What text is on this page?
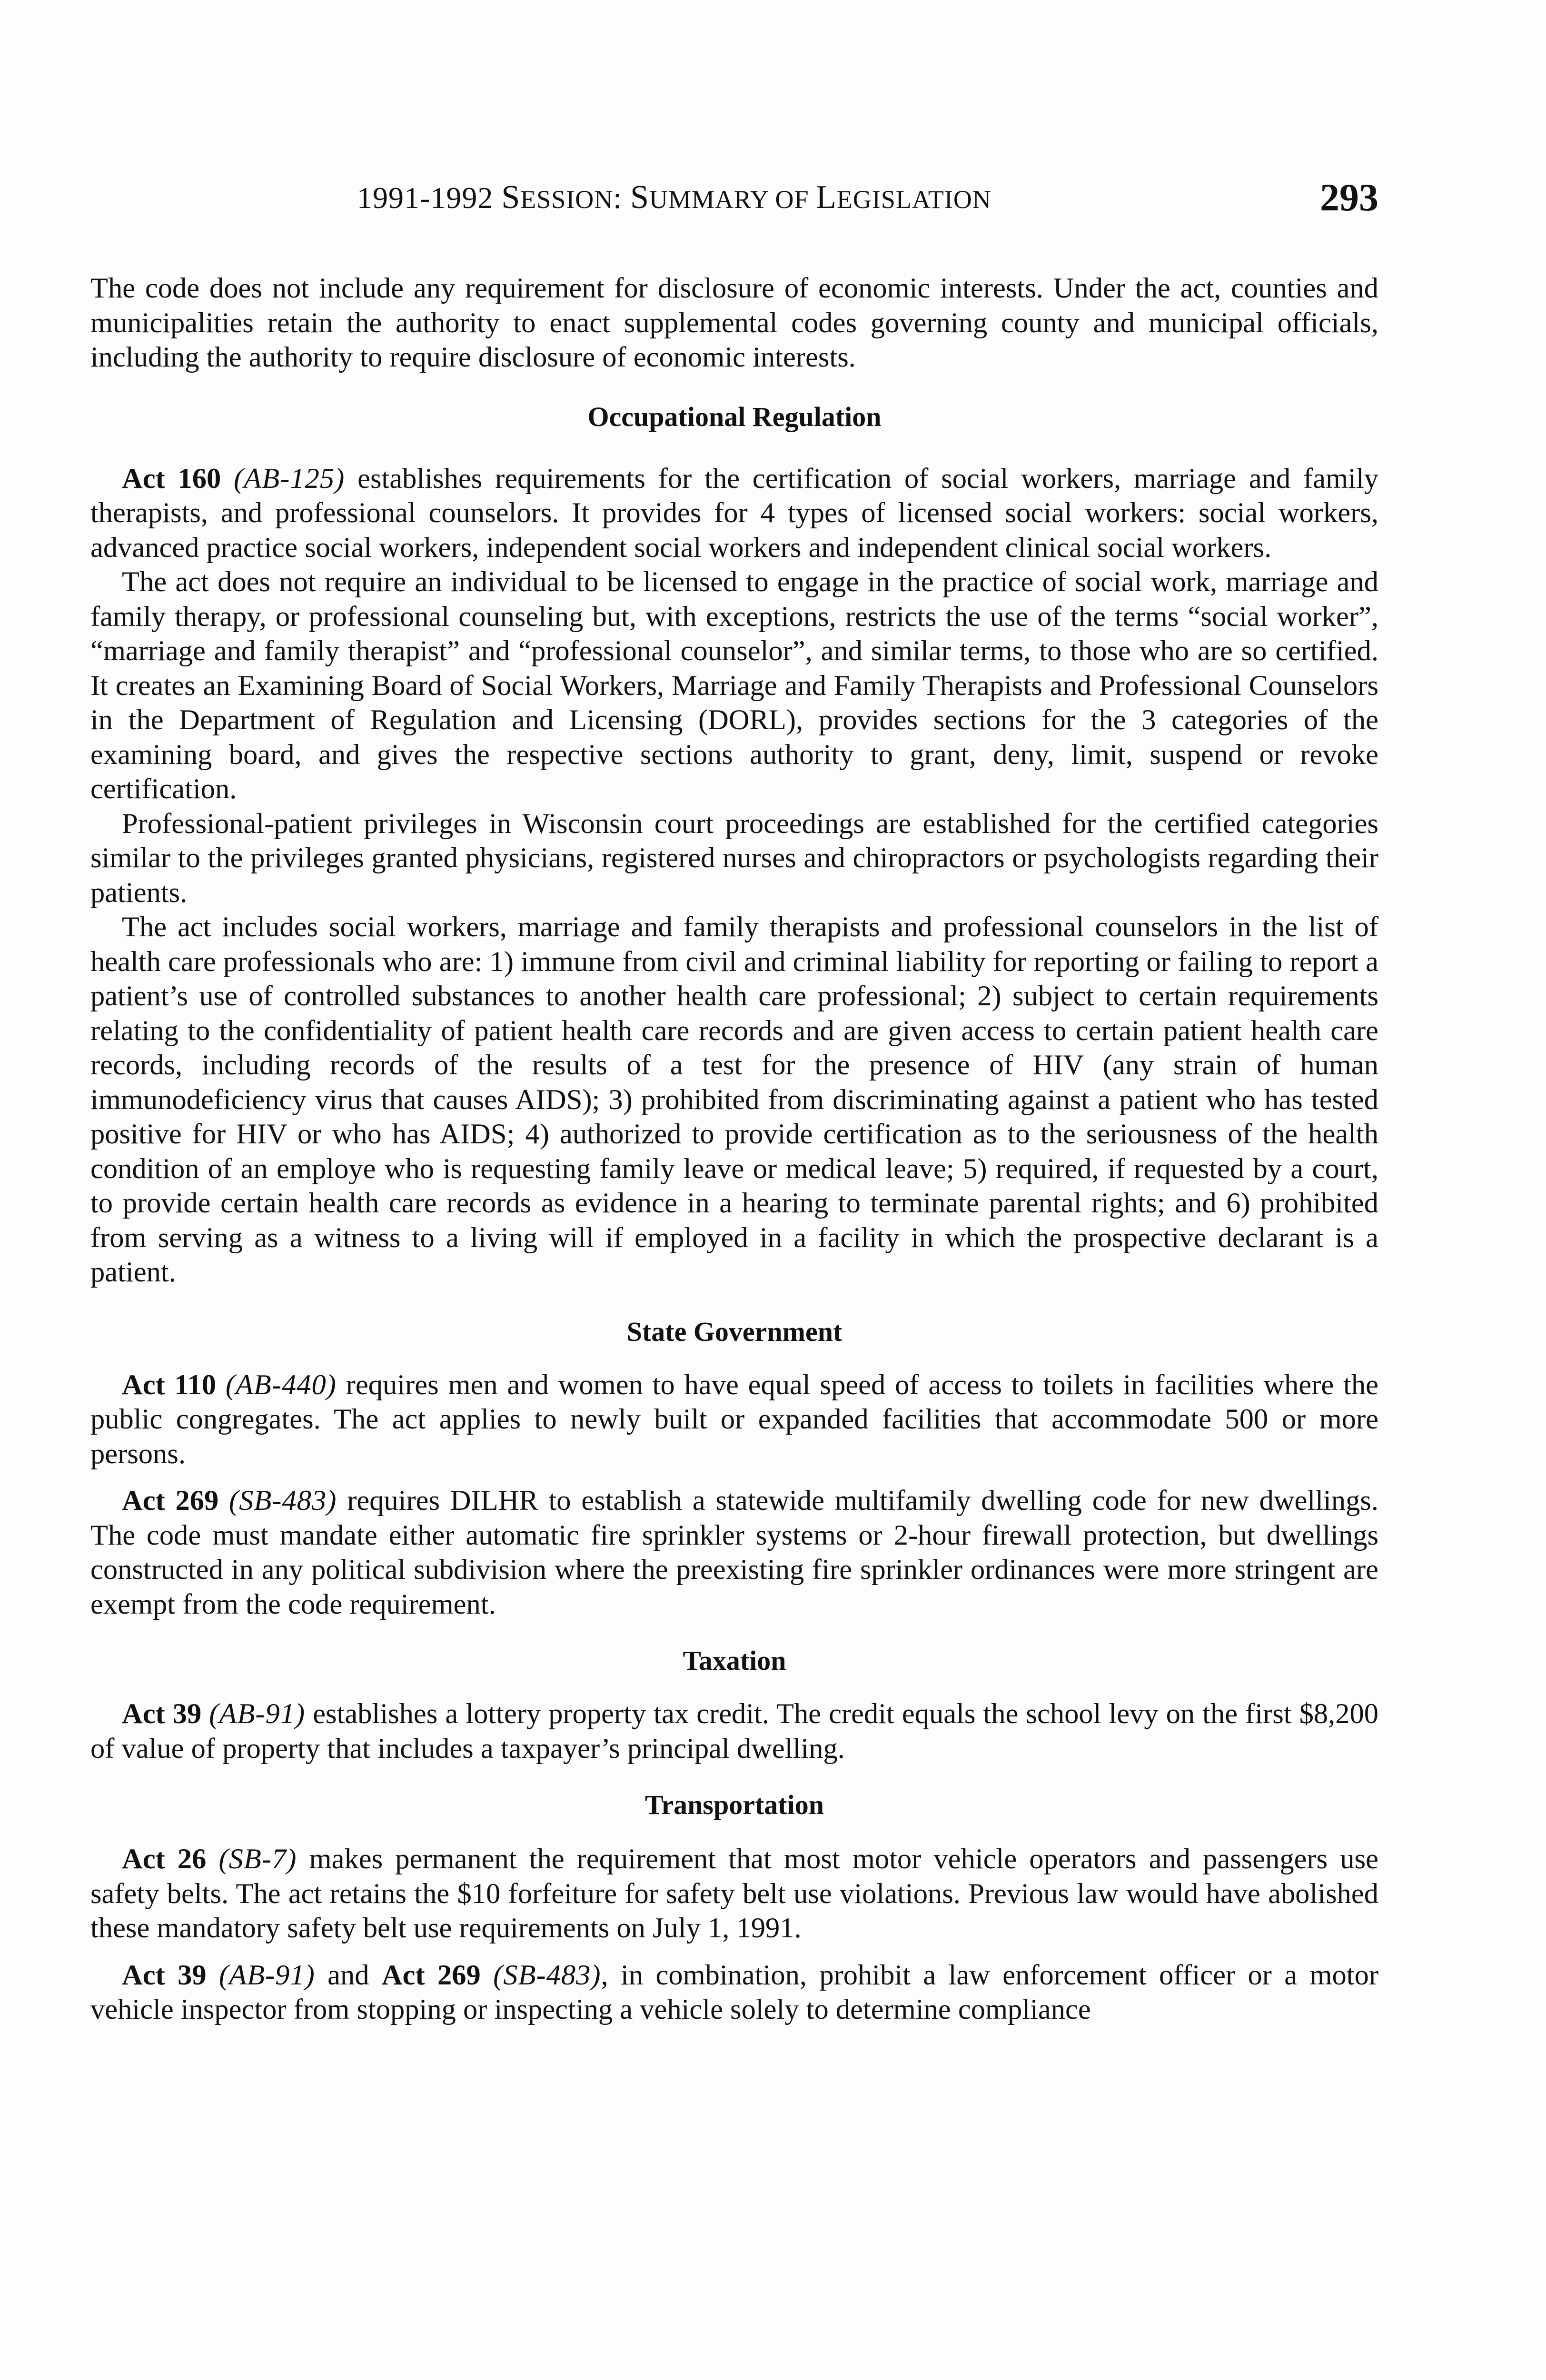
1991-1992 SESSION: SUMMARY OF LEGISLATION	293

The code does not include any requirement for disclosure of economic interests. Under the act, counties and municipalities retain the authority to enact supplemental codes governing county and municipal officials, including the authority to require disclosure of economic interests.

Occupational Regulation

Act 160 (AB-125) establishes requirements for the certification of social workers, marriage and family therapists, and professional counselors. It provides for 4 types of licensed social workers: social workers, advanced practice social workers, independent social workers and independent clinical social workers.

The act does not require an individual to be licensed to engage in the practice of social work, marriage and family therapy, or professional counseling but, with exceptions, restricts the use of the terms “social worker”, “marriage and family therapist” and “professional counselor”, and similar terms, to those who are so certified. It creates an Examining Board of Social Workers, Marriage and Family Therapists and Professional Counselors in the Department of Regulation and Licensing (DORL), provides sections for the 3 categories of the examining board, and gives the respective sections authority to grant, deny, limit, suspend or revoke certification.

Professional-patient privileges in Wisconsin court proceedings are established for the certified categories similar to the privileges granted physicians, registered nurses and chiropractors or psychologists regarding their patients.

The act includes social workers, marriage and family therapists and professional counselors in the list of health care professionals who are: 1) immune from civil and criminal liability for reporting or failing to report a patient’s use of controlled substances to another health care professional; 2) subject to certain requirements relating to the confidentiality of patient health care records and are given access to certain patient health care records, including records of the results of a test for the presence of HIV (any strain of human immunodeficiency virus that causes AIDS); 3) prohibited from discriminating against a patient who has tested positive for HIV or who has AIDS; 4) authorized to provide certification as to the seriousness of the health condition of an employe who is requesting family leave or medical leave; 5) required, if requested by a court, to provide certain health care records as evidence in a hearing to terminate parental rights; and 6) prohibited from serving as a witness to a living will if employed in a facility in which the prospective declarant is a patient.

State Government

Act 110 (AB-440) requires men and women to have equal speed of access to toilets in facilities where the public congregates. The act applies to newly built or expanded facilities that accommodate 500 or more persons.

Act 269 (SB-483) requires DILHR to establish a statewide multifamily dwelling code for new dwellings. The code must mandate either automatic fire sprinkler systems or 2-hour firewall protection, but dwellings constructed in any political subdivision where the preexisting fire sprinkler ordinances were more stringent are exempt from the code requirement.

Taxation

Act 39 (AB-91) establishes a lottery property tax credit. The credit equals the school levy on the first $8,200 of value of property that includes a taxpayer’s principal dwelling.

Transportation

Act 26 (SB-7) makes permanent the requirement that most motor vehicle operators and passengers use safety belts. The act retains the $10 forfeiture for safety belt use violations. Previous law would have abolished these mandatory safety belt use requirements on July 1, 1991.

Act 39 (AB-91) and Act 269 (SB-483), in combination, prohibit a law enforcement officer or a motor vehicle inspector from stopping or inspecting a vehicle solely to determine compliance
